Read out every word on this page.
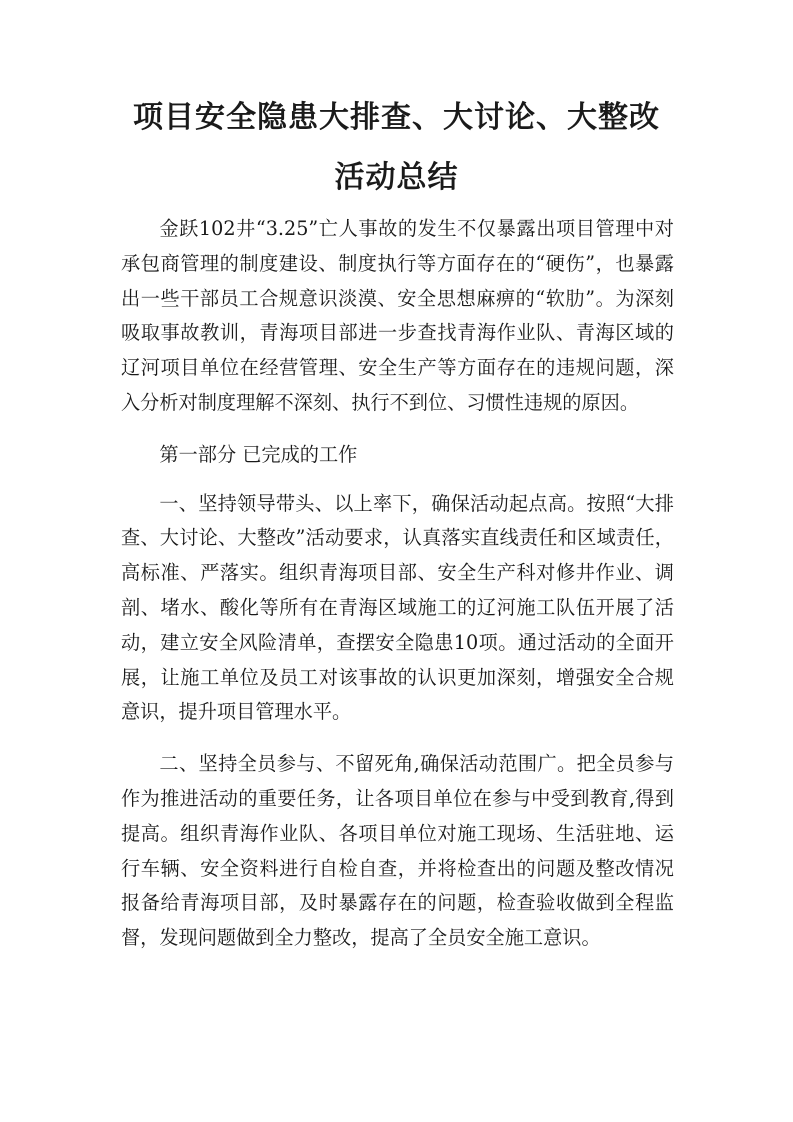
项目安全隐患大排查、大讨论、大整改活动总结

金跃102井“3.25”亡人事故的发生不仅暴露出项目管理中对承包商管理的制度建设、制度执行等方面存在的“硬伤”，也暴露出一些干部员工合规意识淡漠、安全思想麻痹的“软肋”。为深刻吸取事故教训，青海项目部进一步查找青海作业队、青海区域的辽河项目单位在经营管理、安全生产等方面存在的违规问题，深入分析对制度理解不深刻、执行不到位、习惯性违规的原因。

第一部分 已完成的工作

一、坚持领导带头、以上率下，确保活动起点高。按照“大排查、大讨论、大整改”活动要求，认真落实直线责任和区域责任，高标准、严落实。组织青海项目部、安全生产科对修井作业、调剖、堵水、酸化等所有在青海区域施工的辽河施工队伍开展了活动，建立安全风险清单，查摆安全隐患10项。通过活动的全面开展，让施工单位及员工对该事故的认识更加深刻，增强安全合规意识，提升项目管理水平。

二、坚持全员参与、不留死角,确保活动范围广。把全员参与作为推进活动的重要任务，让各项目单位在参与中受到教育,得到提高。组织青海作业队、各项目单位对施工现场、生活驻地、运行车辆、安全资料进行自检自查，并将检查出的问题及整改情况报备给青海项目部，及时暴露存在的问题，检查验收做到全程监督，发现问题做到全力整改，提高了全员安全施工意识。
